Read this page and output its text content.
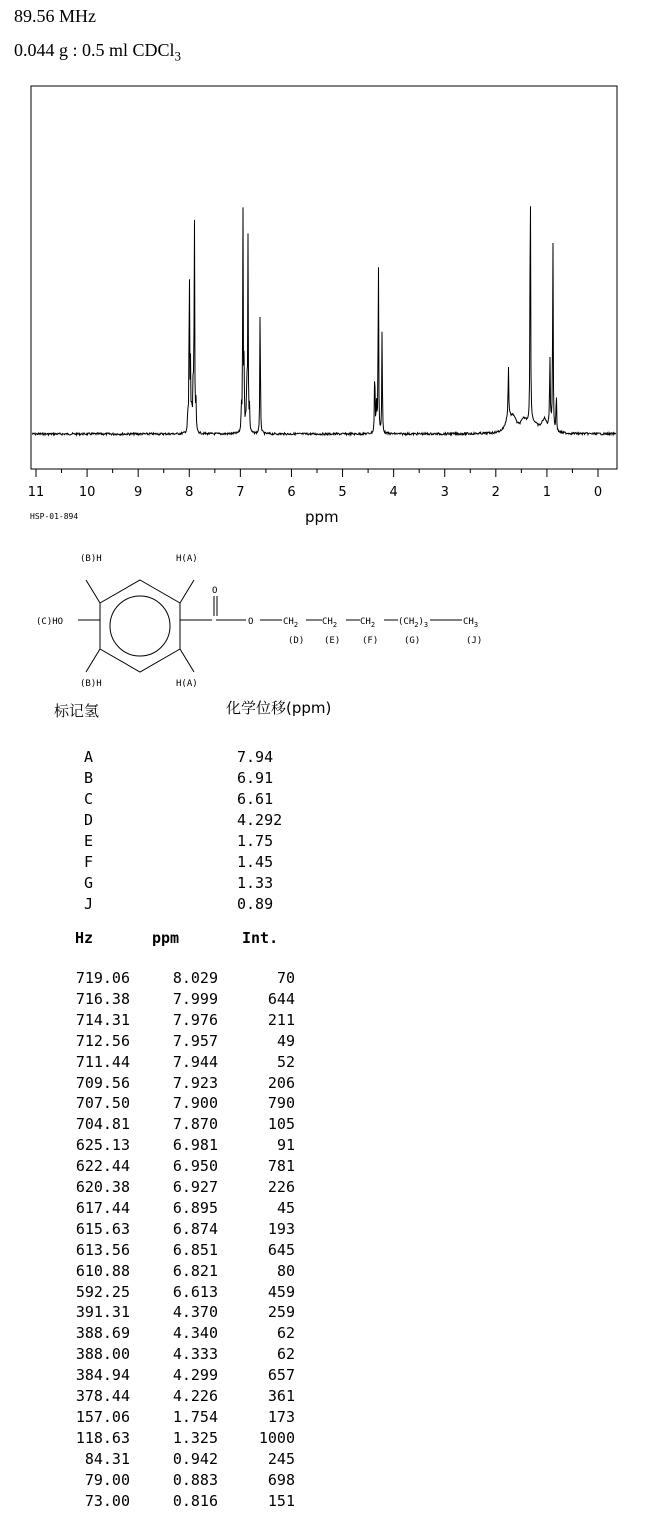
89.56 MHz
0.044 g : 0.5 ml CDCl$_3$
11	10	9	8	7	6	5	4	3	2	1	0
HSP-01-894	ppm
(B)H	H(A)
(C)HO
(B)H	H(A)
O
O	$CH_2$	$CH_2$	$CH_2$	$(CH_2)_3$	$CH_3$
(D) (E) (F)	(G)	(J)
标记氢	化学位移(ppm)
A	7.94
B	6.91
C	6.61
D	4.292
E	1.75
F	1.45
G	1.33
J	0.89
Hz	ppm	Int.
719.06	8.029	70
716.38	7.999	644
714.31	7.976	211
712.56	7.957	49
711.44	7.944	52
709.56	7.923	206
707.50	7.900	790
704.81	7.870	105
625.13	6.981	91
622.44	6.950	781
620.38	6.927	226
617.44	6.895	45
615.63	6.874	193
613.56	6.851	645
610.88	6.821	80
592.25	6.613	459
391.31	4.370	259
388.69	4.340	62
388.00	4.333	62
384.94	4.299	657
378.44	4.226	361
157.06	1.754	173
118.63	1.325	1000
84.31	0.942	245
79.00	0.883	698
73.00	0.816	151
